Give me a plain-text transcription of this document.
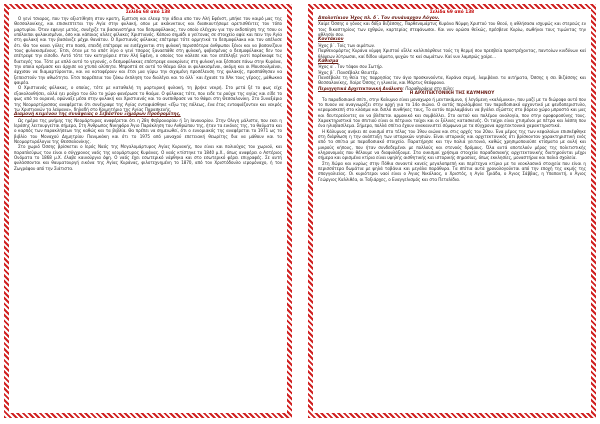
Σελίδα 68 από 138

Ο γενί τσιαρος, που την αξιοτίθηση στον κρατη, Εμπτιση και ελεαρ την άδεια απο τον Αλή Εφένστ, μπήκε τον καιρό μας της Θεσσαλονίκης, και επισκεπτεται την Αγία στην φυλακή, οπου με ακόκνκτους και διασκουτήσαμε αρετισθέντες τον τόπο μαρτυρίου. Όταν εφευγε μετάς, συνέχιζε τα βασανιστήρια του δεσμοφύλακας, τον οποίο ελέγχαν για την εκδοπίηση της τσου οι υπόλοιποι φυλακισμένοι, όσο και κάποιας αλλες φίλακες Χριστιανός. Κάποιο σημάδι ο γείτονας σε στοιχείο αφίε και πειν την Αγία στη φυλακή και την βασάνιζε μέχρι θανάτου. Ο Χριστιανός φύλακας επέτρεψε τότε ορμητικά το δεσμοφύλακα και τον απέλυσε ότι. Θα τον κανει γύλες στο πασά, επειδή επέτρεψε να εισέρχονται στη φυλακή περισσότερα άνθρωποι ξένοι και να βασανίζουν τους φυλακισμένους. Έτσι, όταν με τα απότ λίγο ο γενί τσαρος ξαναεπάθε στη φυλακή, φοβισμένος ο δεσμοφύλακας δεν του επέτρεψε την είσοδο. Αυτό τότε τον κατηγύρειε στον Αλή Εφένη, ο οποίος τον κάλεσε και τον επέπληξε γιατί παρέκκοψε τις διαταγές του. Τότε με απλό αυτό το γεγονός, ο δεσμοφύλακας επέστρεψε ανακρίνεις στη φυλακή και ξέσπασε πάνω στην Κυράνα, την οποία κρέμασε και άρχισε να χτυπά αλύπητα. Μπροστά σε αυτό το θέαμα όλοι οι φυλακισμένοι, ακόμη και οι Μουσουλμάνοι, άρχισαν να διαμαρτύρονται, και να καταφέρουν και έτσι μια γύρω την σιχαμένη προσέλευση της φυλακής, προσπάθησαν να ξεπειστούν την αθωότητα. Έτσι πορρέπεια του ζάκω έκπληση του διαλέγει και το άλλ΄ και έχαισε το ΧΑκ τους γέροςς, μάθωκκα φαιρέα.

Ο Χριστιανός φύλακας, ο οποίος, τότε με καταθαλή τη μαρτυρική φυλακή, τη βρήκε νεκρή. Στο μετά ξέ το φως είχε εξακολουθήσει, αλλά ηει ρούχα του όλο το χώρο φανέρωσε το θαύμα. Ο φύλακας τότε, που ειδε τα ρούχα της αγίας και είδε το φως από το ουρανό, εφώναξε μέσα στην φυλακή και Χριστιανός και το ανεπιθρασε να το θάψει στη Θεσσαλονίκη. Στο Συναξάριο της Νεομαρτύρισσας αναφέρεται ότι συνέγραψε της Αγίας ενταφιάσθηκε «έξω της πόλεως, ένα έτος ενταφιάζονταν και νεκρός τω Χριστιανών τα λείψανα», δηλαδή στο Κοιμητήριο της Αγίας Παρασκευής.

Διαμονή κειμένου της συνάφειας ο Σεβάστου Ξημάρων Προδρομίτης,

Ως ημέρα της μνήμης της Νεομάρτυρας αναφέρεται ότι η 28η Φεβρουαρίου ή 1η Ιανουαρίου. Στην Ολιγη μάλιστα, που εκει η Ιεράσης λειτουργείται σήμερα, Στη Άνθρωπος Νικηφόρο Άγιο Παράκληση του Ανθρώπου της, ήταν τα εικόνες της, τα θαύματα και ο καρπός των παρακλήσεων της καθώς και τα βιβλία. Θα πρέπει να σημειωθεί, ότι ο ευνομιακός της αναφέρεται το 1971 ως το βιβλίο του Μοναχού Δημητρίου Πανιμκάκη και ότι το 1975 από μοναχού επετειακή θεωρίτης δια να μάθουν και τα Νεομαρτυρόλογια της Θεσσαλονίκης.

Στο χωριό Όσσης βρίσκεται ο Ιερός Ναός της Μεγαλομάρτυρος Αγίας Κυριακής, που είναι και πολιούχος του χωριού, και παραπλεύρως του είναι ο σύγχρονος ναός της νεομάρτυρος Κυράνας. Ο ναός κτίστηκε το 1840 μ.Χ., όπως αναφέρει ο Αστέριος Ονόματα το 1868 μ.Χ. έλαβε καινούργια όψη. Ο ναός έχει εσωτερικό νάρθηκα και στο εσωτερικό φέρει επιγραφές. Σε αυτή φυλάσσονται και θαυματουργή εικόνα της Αγίας Κυράνας, φιλοτεχνημένη το 1870, από τον Χριστόδουλο ιερομόναχο, ή τον Ζωγράφου από την Σιάτιστα.

Σελίδα 69 από 138

Απολυτίκιον Ήχος πλ. δ΄. Τον συνάναρχον Λόγον.

Χαίρε Όσσης ο γόνος και δόξα Βιζάσσης, Παρθενομάρτυς Κυράνα Νύμφη Χριστού του Θεού, η αθλήσασα ισχυρώς και στερεώς εν τοις δικαστηρίοις των εχθρών, καρτερίας στεφάνωσαι. Και νυν ορώσα θεϊκώς, πρέσβευε Κυρίω, σωθήναι τους τιμώντας την αθλησίν σου.

Κοντάκιον

Ήχος β΄. Τοίς των αιμάτων.

Παρθενομάρτυς Κυράνα νύμφη Χριστού αΐλλε καλλιπάρθενε τούς τη θερμή σου πρεσβεία προστρέχοντας, παντοίων κινδύνων καί θλίψεων λύτρωσαι, καί δίδου ιάματα, ψυχών τε καί σωμάτων. Καί νυν λαμπρώς χαίρε...

Κάθισμα

Ήχος α΄. Τον τάφον σου Σωτήρ.

Ήχος β΄. Πανσέβαλε Θειοτέρ.

Πανσέβαλε τη θεία της παρρησίας τον άγιο προσκυνούντα, Κυράνα σεμνή, λαμιβάνει τα αιτήματα, Όσσης η σει Βιζάσσης και Θεσσαλονίκης, Χαίρε Όσσης η γλυκεία, και Μάρτυς θεόφρονα.

Περιηγητικά Αρχιτεκτονική Ανάλυση: Παραθυράκια στη πύλη:

Η ΑΡΧΙΤΕΚΤΟΝΙΚΗ ΤΗΣ ΚΑΥΜΗΝΟΥ

Το παραδοσιακό σπίτι, στην Καλυμνο είναι μονοχωρο ή μεντοκάμινο, ή λεγόμενη «καλύμνικο», που μαζί με το διώροφο αυτό που το πυοον να αναγνωρίζει στην αρχή για το 14ο σιώνα. Ο αυτός περιλάμβανε τον παραδοσιακό αρχοντικό με ψευδοπεριστυλο, κεραμοσκεπή στο κλάσμα και διπλό συνθήκες τους, Το αυτόν περιλαμβάνει να βγάλει εξώστες στο βόρειο χώρο μπροστά και μας και δευτερεύοντες αν να βλέπεται αρμονικό και συμβάλλει. Στο αυτού και πολέμου αναλογία, που στην ομοφοροσύνης τους. Χαρακτηριστικά του σπιτιού είναι οι πέτρινοι τοίχοι και οι ξύλινες κατασκευές. Οι τοίχοι είναι χτισμένοι με πέτρα και λάσπη που ένα ηλιοβασίλεμα. Σήμερα, πολλά σπίτια έχουν ανακαινιστεί σύμφωνα με τα σύγχρονα αρχιτεκτονικά χαρακτηριστικά.

Η Κάλυμνος ανήκει σε οικισμό στο τέλος του 19ου αιώνα και στις αρχές του 20ου. Ένα μέρος της των κεφαλαίων επισκέφθηκε στη διάρθωση η την ανάπτυξη των ιστορικών νησιών. Είναι ιστορικός και αρχιτεκτονικός ότι βρίσκονταν χαρακτηριστική ενός από τα σπίτια με παραδοσιακό στοιχείο. Παρατήρησε και την παλιά γειτονιά, καθώς χρησιμοποιούσε κτίσματα με αυλή και μικρούς κήπους, που ήταν συνδεδεμένοι με πολλούς και στενούς δρόμους. Όλα αυτά αποτελούν μέρος της πολιτιστικής κληρονομιάς που θέλουμε να διαφυλάξουμε. Στα οικισμοί χρήσιμα στοιχεία παραδοσιακής αρχιτεκτονικής διατηρούνται μέχρι σήμερα και ορισμένα κτίρια είναι υψηλής αισθητικής και ιστορικής σημασίας, όπως εκκλησίες, μοναστήρια και παλιά σχολεία.

Στη Χώρα και κυρίως στην Πόθια συναντά κανείς μεγαλοπρεπή και περίτεχνα κτίρια με τα νεοκλασικά στοιχεία που είναι η περισσότερα δωμάτια με ψηλά ταβάνια και μεγάλα παράθυρα. Τα σπίτια αυτά χρονολογούνται από την εποχή της ακμής της σπογγαλιείας. Οι κυριότεροι ναοί είναι ο Άγιος Νικόλαος, ο Χριστός, η Αγία Τριάδα, ο Άγιος Σάββας, η Υπαπαντή, ο Άγιος Γεώργιος Καλλιθέα, οι Ταξιάρχες, ο Ευαγγελισμός και στα Πεταλίδια.
